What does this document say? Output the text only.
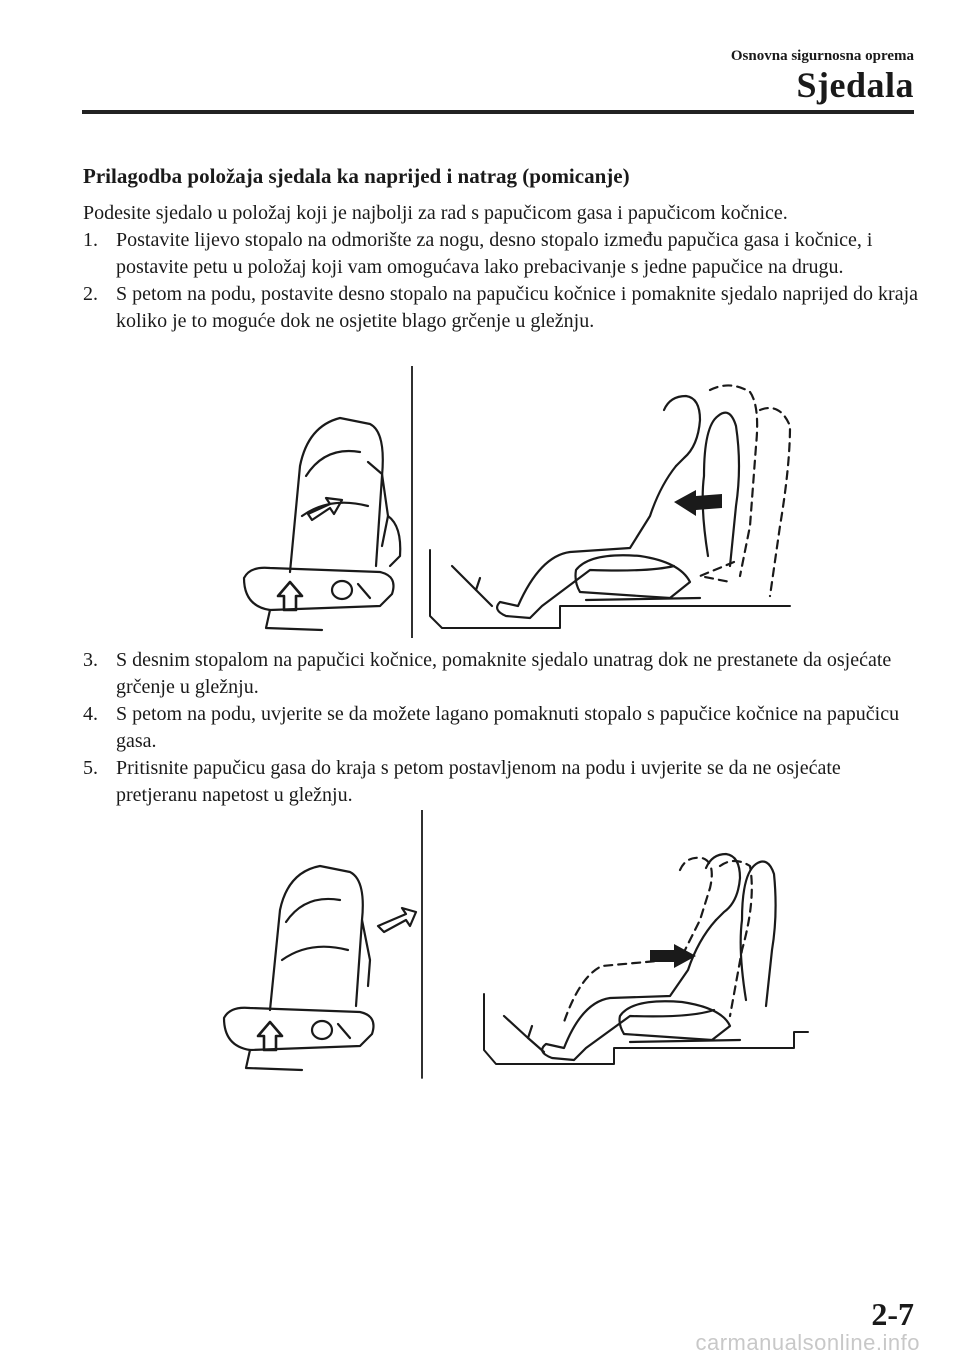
Osnovna sigurnosna oprema
Sjedala
Prilagodba položaja sjedala ka naprijed i natrag (pomicanje)
Podesite sjedalo u položaj koji je najbolji za rad s papučicom gasa i papučicom kočnice.

1. Postavite lijevo stopalo na odmorište za nogu, desno stopalo između papučica gasa i kočnice, i postavite petu u položaj koji vam omogućava lako prebacivanje s jedne papučice na drugu.

2. S petom na podu, postavite desno stopalo na papučicu kočnice i pomaknite sjedalo naprijed do kraja koliko je to moguće dok ne osjetite blago grčenje u gležnju.

3. S desnim stopalom na papučici kočnice, pomaknite sjedalo unatrag dok ne prestanete da osjećate grčenje u gležnju.

4. S petom na podu, uvjerite se da možete lagano pomaknuti stopalo s papučice kočnice na papučicu gasa.

5. Pritisnite papučicu gasa do kraja s petom postavljenom na podu i uvjerite se da ne osjećate pretjeranu napetost u gležnju.

2-7
carmanualsonline.info
